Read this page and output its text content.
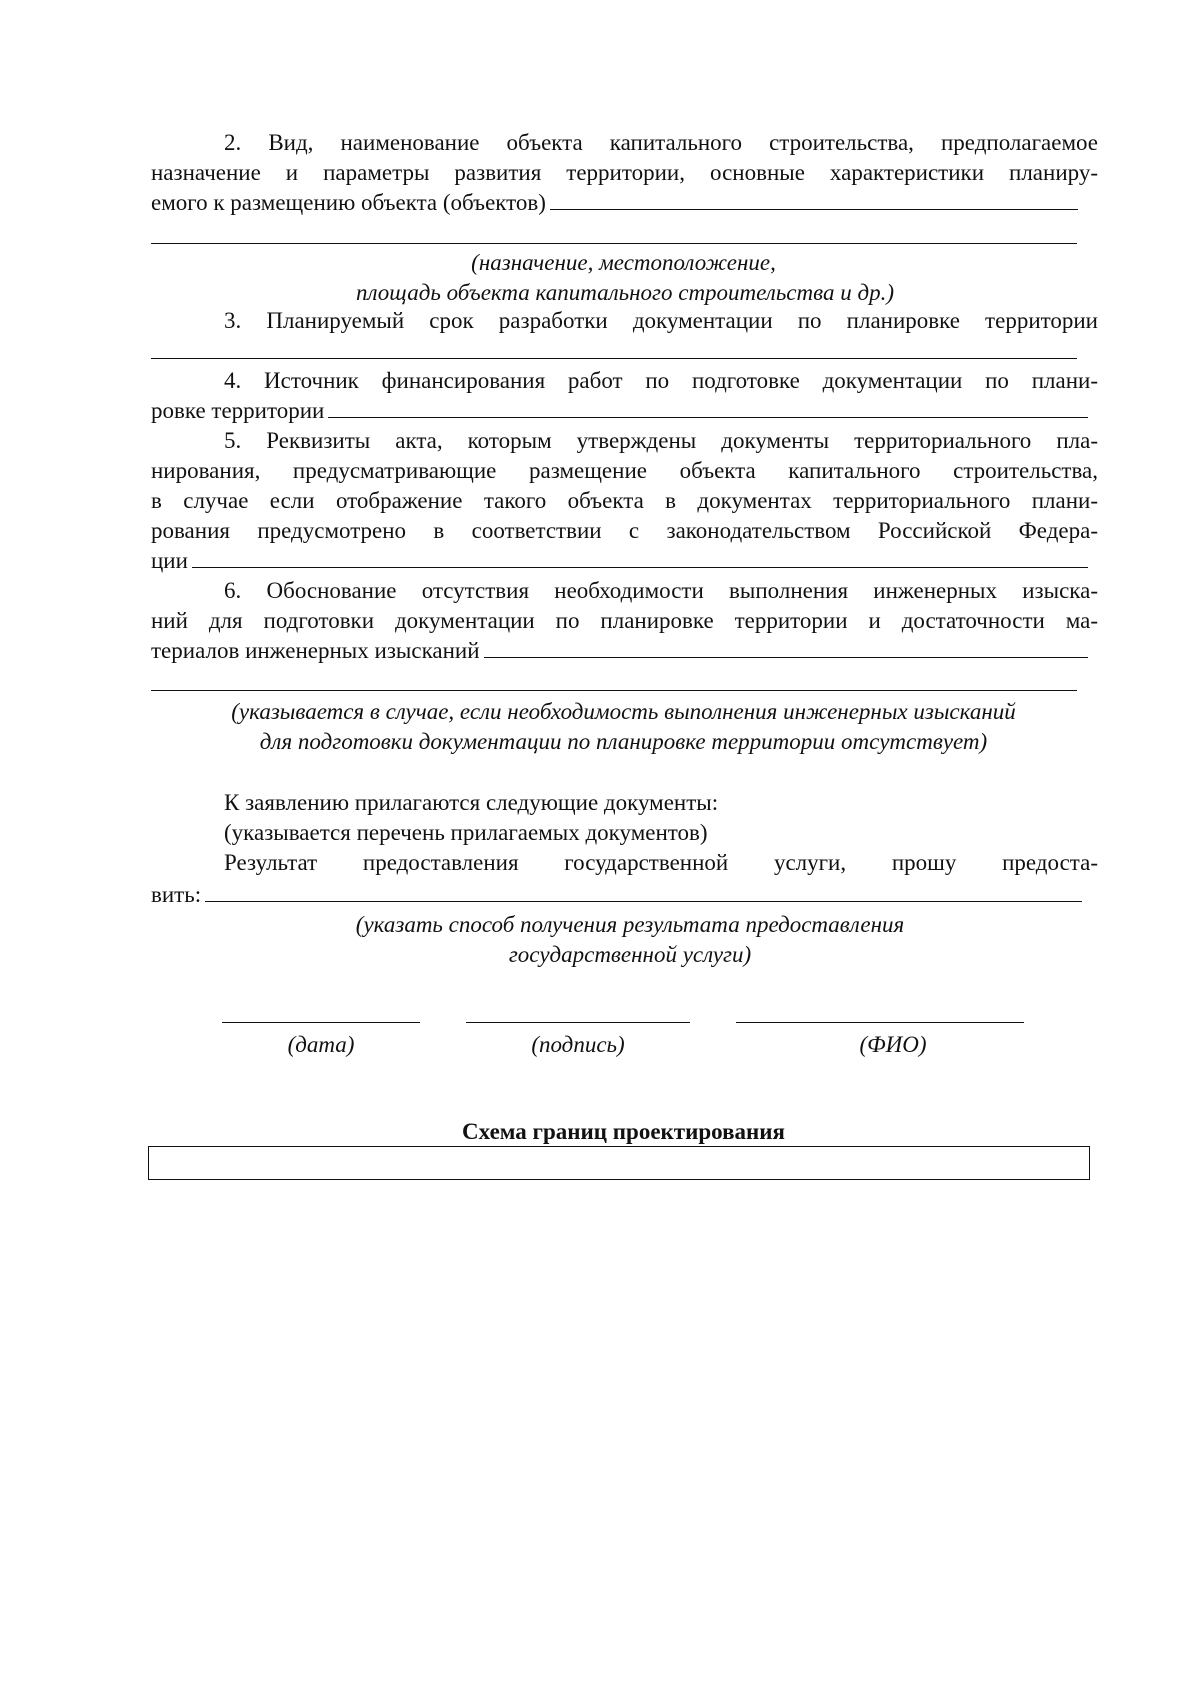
2. Вид, наименование объекта капитального строительства, предполагаемое
назначение и параметры развития территории, основные характеристики планиру-
емого к размещению объекта (объектов)
(назначение, местоположение,
площадь объекта капитального строительства и др.)
3. Планируемый срок разработки документации по планировке территории
4. Источник финансирования работ по подготовке документации по плани-
ровке территории
5. Реквизиты акта, которым утверждены документы территориального пла-
нирования, предусматривающие размещение объекта капитального строительства,
в случае если отображение такого объекта в документах территориального плани-
рования предусмотрено в соответствии с законодательством Российской Федера-
ции
6. Обоснование отсутствия необходимости выполнения инженерных изыска-
ний для подготовки документации по планировке территории и достаточности ма-
териалов инженерных изысканий
(указывается в случае, если необходимость выполнения инженерных изысканий
для подготовки документации по планировке территории отсутствует)
К заявлению прилагаются следующие документы:
(указывается перечень прилагаемых документов)
Результат предоставления государственной услуги, прошу предоста-
вить:
(указать способ получения результата предоставления
государственной услуги)
(дата)	(подпись)	(ФИО)
Схема границ проектирования
